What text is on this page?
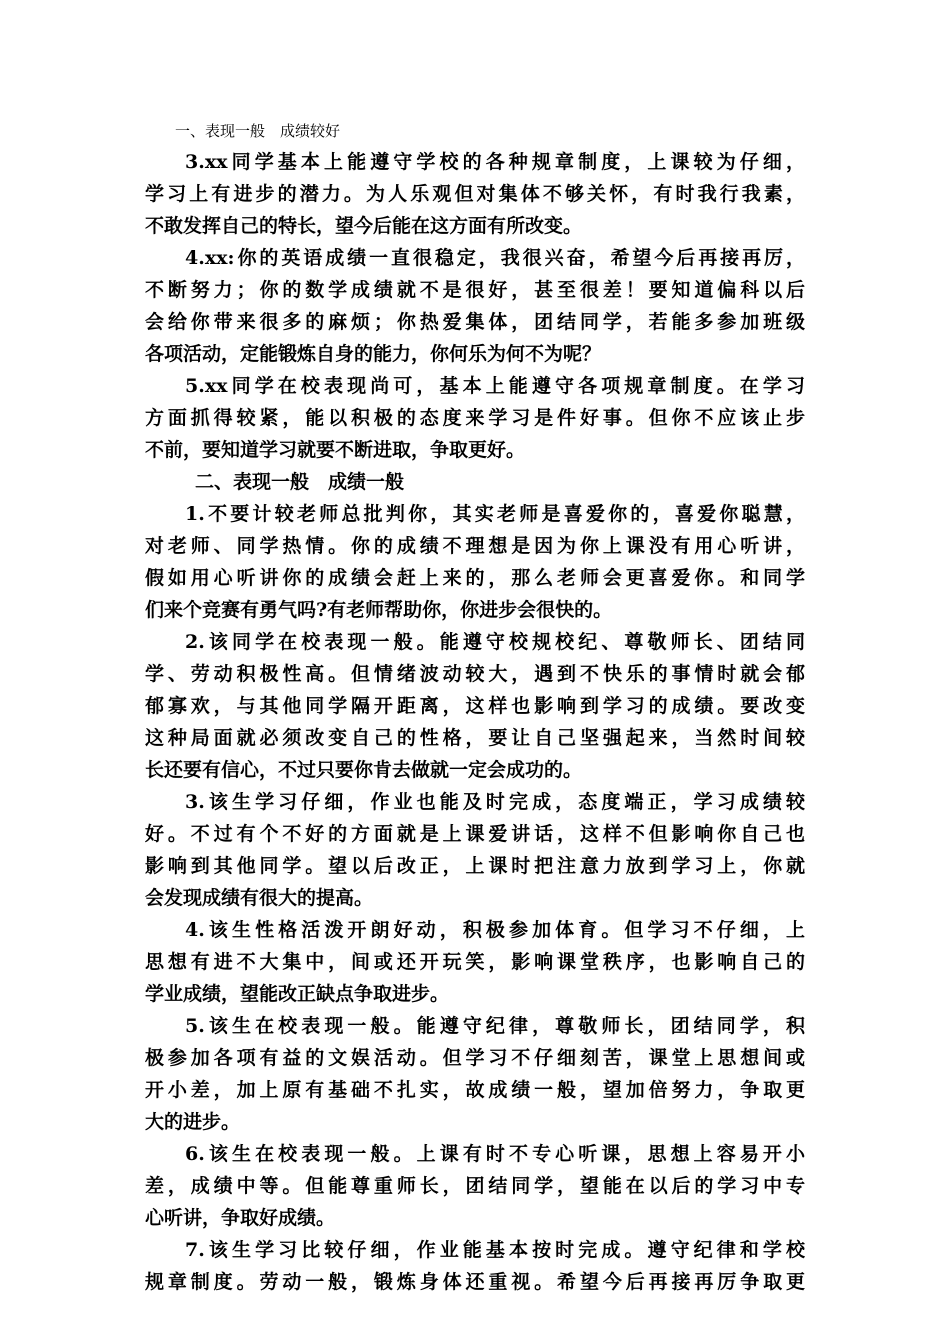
一、表现一般　成绩较好
3.xx同学基本上能遵守学校的各种规章制度，上课较为仔细，
学习上有进步的潜力。为人乐观但对集体不够关怀，有时我行我素，
不敢发挥自己的特长，望今后能在这方面有所改变。
4.xx:你的英语成绩一直很稳定，我很兴奋，希望今后再接再厉，
不断努力；你的数学成绩就不是很好，甚至很差！要知道偏科以后
会给你带来很多的麻烦；你热爱集体，团结同学，若能多参加班级
各项活动，定能锻炼自身的能力，你何乐为何不为呢？
5.xx同学在校表现尚可，基本上能遵守各项规章制度。在学习
方面抓得较紧，能以积极的态度来学习是件好事。但你不应该止步
不前，要知道学习就要不断进取，争取更好。
二、表现一般　成绩一般
1.不要计较老师总批判你，其实老师是喜爱你的，喜爱你聪慧，
对老师、同学热情。你的成绩不理想是因为你上课没有用心听讲，
假如用心听讲你的成绩会赶上来的，那么老师会更喜爱你。和同学
们来个竞赛有勇气吗?有老师帮助你，你进步会很快的。
2.该同学在校表现一般。能遵守校规校纪、尊敬师长、团结同
学、劳动积极性高。但情绪波动较大，遇到不快乐的事情时就会郁
郁寡欢，与其他同学隔开距离，这样也影响到学习的成绩。要改变
这种局面就必须改变自己的性格，要让自己坚强起来，当然时间较
长还要有信心，不过只要你肯去做就一定会成功的。
3.该生学习仔细，作业也能及时完成，态度端正，学习成绩较
好。不过有个不好的方面就是上课爱讲话，这样不但影响你自己也
影响到其他同学。望以后改正，上课时把注意力放到学习上，你就
会发现成绩有很大的提高。
4.该生性格活泼开朗好动，积极参加体育。但学习不仔细，上
思想有进不大集中，间或还开玩笑，影响课堂秩序，也影响自己的
学业成绩，望能改正缺点争取进步。
5.该生在校表现一般。能遵守纪律，尊敬师长，团结同学，积
极参加各项有益的文娱活动。但学习不仔细刻苦，课堂上思想间或
开小差，加上原有基础不扎实，故成绩一般，望加倍努力，争取更
大的进步。
6.该生在校表现一般。上课有时不专心听课，思想上容易开小
差，成绩中等。但能尊重师长，团结同学，望能在以后的学习中专
心听讲，争取好成绩。
7.该生学习比较仔细，作业能基本按时完成。遵守纪律和学校
规章制度。劳动一般，锻炼身体还重视。希望今后再接再厉争取更
